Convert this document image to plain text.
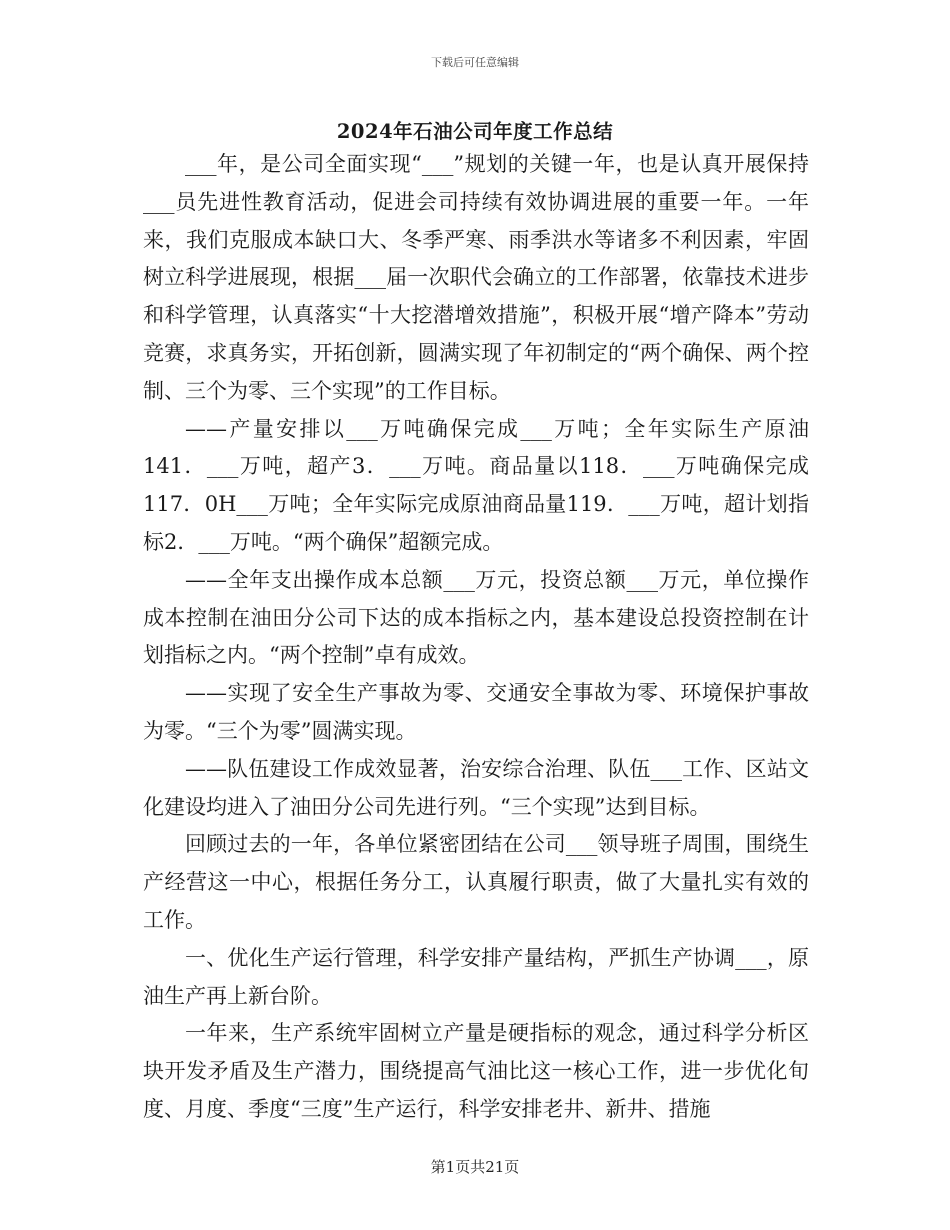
下载后可任意编辑
2024年石油公司年度工作总结

___年，是公司全面实现“___”规划的关键一年，也是认真开展保持___员先进性教育活动，促进会司持续有效协调进展的重要一年。一年来，我们克服成本缺口大、冬季严寒、雨季洪水等诸多不利因素，牢固树立科学进展现，根据___届一次职代会确立的工作部署，依靠技术进步和科学管理，认真落实“十大挖潜增效措施”，积极开展“增产降本”劳动竞赛，求真务实，开拓创新，圆满实现了年初制定的“两个确保、两个控制、三个为零、三个实现”的工作目标。

——产量安排以___万吨确保完成___万吨；全年实际生产原油141．___万吨，超产3．___万吨。商品量以118．___万吨确保完成117．0H___万吨；全年实际完成原油商品量119．___万吨，超计划指标2．___万吨。“两个确保”超额完成。

——全年支出操作成本总额___万元，投资总额___万元，单位操作成本控制在油田分公司下达的成本指标之内，基本建设总投资控制在计划指标之内。“两个控制”卓有成效。

——实现了安全生产事故为零、交通安全事故为零、环境保护事故为零。“三个为零”圆满实现。

——队伍建设工作成效显著，治安综合治理、队伍___工作、区站文化建设均进入了油田分公司先进行列。“三个实现”达到目标。

回顾过去的一年，各单位紧密团结在公司___领导班子周围，围绕生产经营这一中心，根据任务分工，认真履行职责，做了大量扎实有效的工作。

一、优化生产运行管理，科学安排产量结构，严抓生产协调___，原油生产再上新台阶。

一年来，生产系统牢固树立产量是硬指标的观念，通过科学分析区块开发矛盾及生产潜力，围绕提高气油比这一核心工作，进一步优化旬度、月度、季度“三度”生产运行，科学安排老井、新井、措施

第1页共21页
